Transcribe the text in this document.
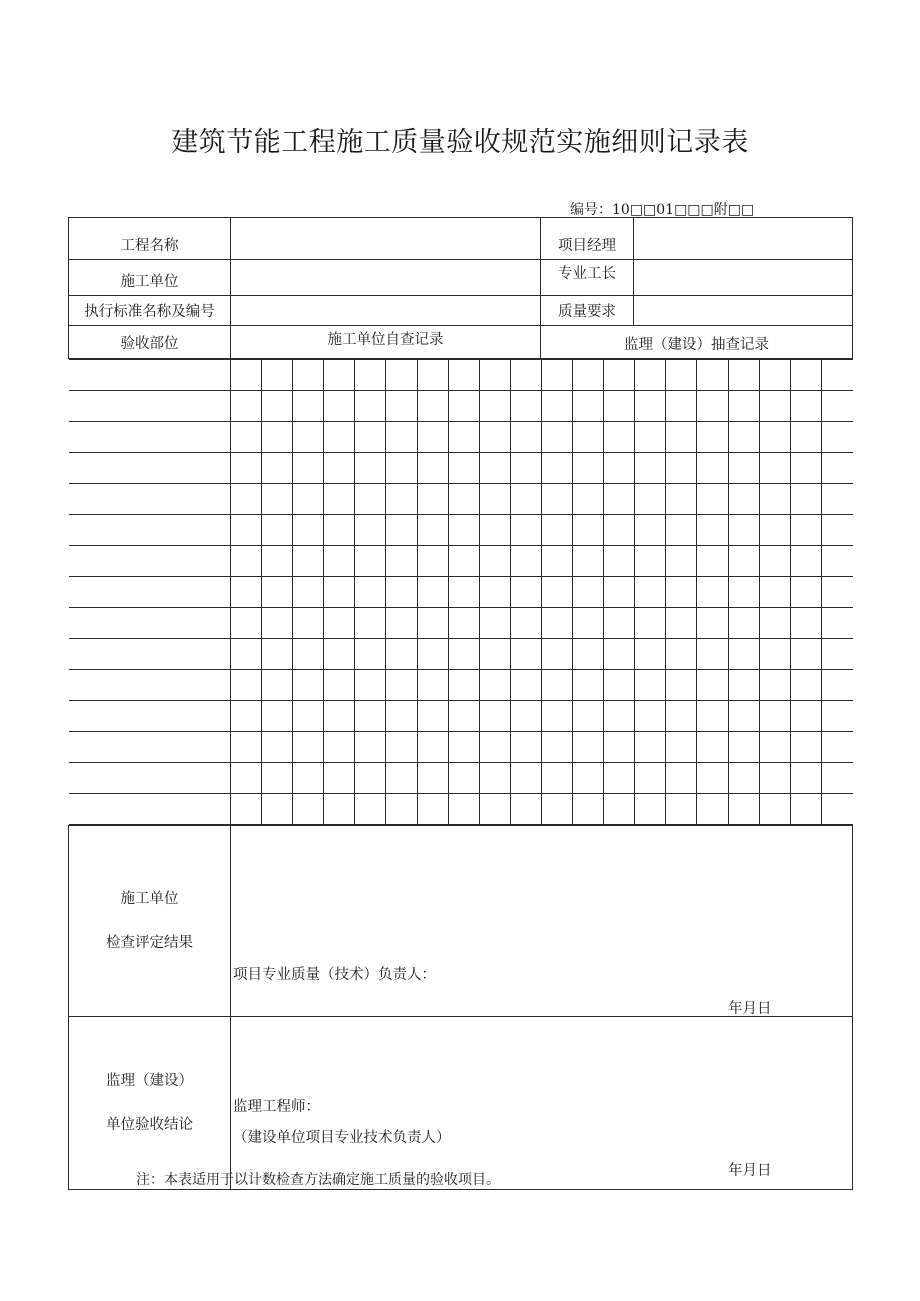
建筑节能工程施工质量验收规范实施细则记录表
编号：10□□01□□□附□□
工程名称		项目经理	
施工单位		专业工长	
执行标准名称及编号		质量要求	
验收部位	施工单位自查记录	监理（建设）抽查记录

施工单位
检查评定结果

项目专业质量（技术）负责人：
年月日

监理（建设）
单位验收结论

监理工程师：
（建设单位项目专业技术负责人）
年月日
注：本表适用于以计数检查方法确定施工质量的验收项目。
